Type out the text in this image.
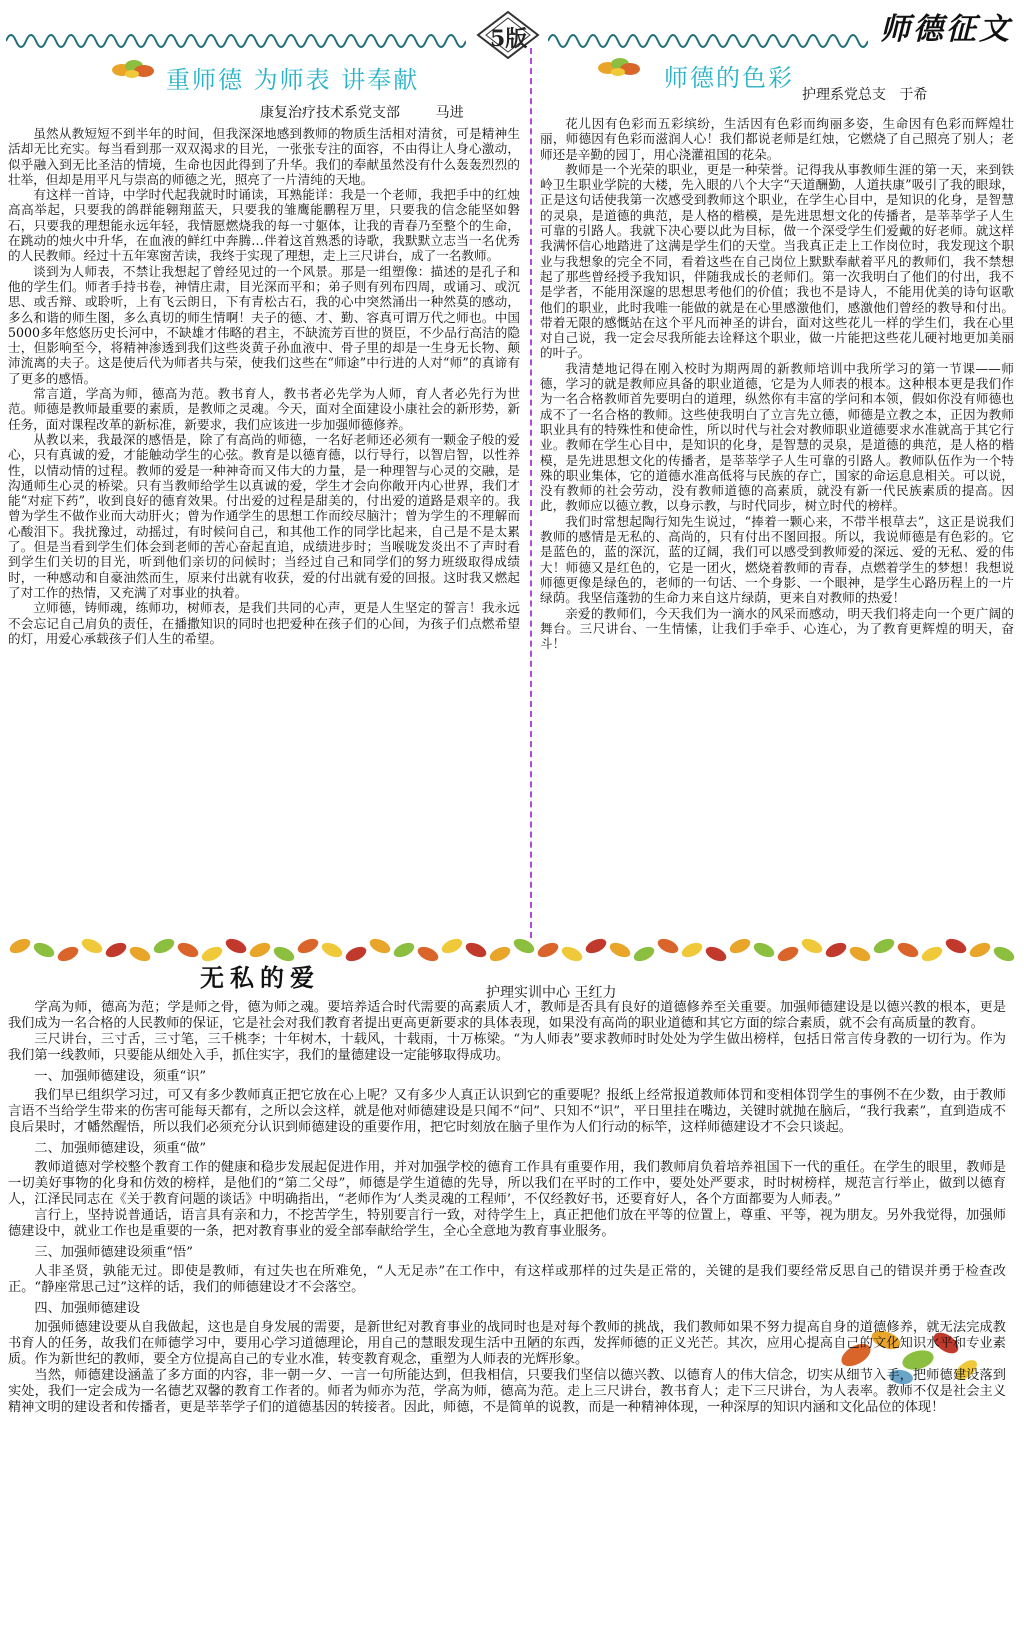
5版	师德征文
重师德 为师表 讲奉献
康复治疗技术系党支部        马进

虽然从教短短不到半年的时间，但我深深地感到教师的物质生活相对清贫，可是精神生活却无比充实。每当看到那一双双渴求的目光，一张张专注的面容，不由得让人身心激动，似乎融入到无比圣洁的情境，生命也因此得到了升华。我们的奉献虽然没有什么轰轰烈烈的壮举，但却是用平凡与崇高的师德之光，照亮了一片清纯的天地。

有这样一首诗，中学时代起我就时时诵读，耳熟能详：我是一个老师，我把手中的红烛高高举起，只要我的鸽群能翱翔蓝天，只要我的雏鹰能鹏程万里，只要我的信念能坚如磐石，只要我的理想能永远年轻，我情愿燃烧我的每一寸躯体，让我的青春乃至整个的生命，在跳动的烛火中升华，在血液的鲜红中奔腾…伴着这首熟悉的诗歌，我默默立志当一名优秀的人民教师。经过十五年寒窗苦读，我终于实现了理想，走上三尺讲台，成了一名教师。

谈到为人师表，不禁让我想起了曾经见过的一个风景。那是一组塑像：描述的是孔子和他的学生们。师者手持书卷，神情庄肃，目光深而平和；弟子则有列布四周，或诵习、或沉思、或舌辩、或聆听，上有飞云朗日，下有青松古石，我的心中突然涌出一种然莫的感动，多么和谐的师生图，多么真切的师生情啊！夫子的德、才、勤、容真可谓万代之师也。中国5000多年悠悠历史长河中，不缺雄才伟略的君主，不缺流芳百世的贤臣，不少品行高洁的隐士，但影响至今，将精神渗透到我们这些炎黄子孙血液中、骨子里的却是一生身无长物、颠沛流离的夫子。这是使后代为师者共与荣，使我们这些在“师途”中行进的人对“师”的真谛有了更多的感悟。

常言道，学高为师，德高为范。教书育人，教书者必先学为人师，育人者必先行为世范。师德是教师最重要的素质，是教师之灵魂。今天，面对全面建设小康社会的新形势，新任务，面对课程改革的新标准，新要求，我们应该进一步加强师德修养。

从教以来，我最深的感悟是，除了有高尚的师德，一名好老师还必须有一颗金子般的爱心，只有真诚的爱，才能触动学生的心弦。教育是以德育德，以行导行，以智启智，以性养性，以情动情的过程。教师的爱是一种神奇而又伟大的力量，是一种理智与心灵的交融，是沟通师生心灵的桥梁。只有当教师给学生以真诚的爱，学生才会向你敞开内心世界，我们才能“对症下药”，收到良好的德育效果。付出爱的过程是甜美的，付出爱的道路是艰辛的。我曾为学生不做作业而大动肝火；曾为作通学生的思想工作而绞尽脑汁；曾为学生的不理解而心酸泪下。我扰豫过，动摇过，有时候问自己，和其他工作的同学比起来，自己是不是太累了。但是当看到学生们体会到老师的苦心奋起直追，成绩进步时；当喉咙发炎出不了声时看到学生们关切的目光，听到他们亲切的问候时；当经过自己和同学们的努力班级取得成绩时，一种感动和自豪油然而生，原来付出就有收获，爱的付出就有爱的回报。这时我又燃起了对工作的热情，又充满了对事业的执着。

立师德，铸师魂，练师功，树师表，是我们共同的心声，更是人生坚定的誓言！我永远不会忘记自己肩负的责任，在播撒知识的同时也把爱种在孩子们的心间，为孩子们点燃希望的灯，用爱心承载孩子们人生的希望。

师德的色彩
护理系党总支   于希

花儿因有色彩而五彩缤纷，生活因有色彩而绚丽多姿，生命因有色彩而辉煌壮丽，师德因有色彩而滋润人心！我们都说老师是红烛，它燃烧了自己照亮了别人；老师还是辛勤的园丁，用心浇灌祖国的花朵。

教师是一个光荣的职业，更是一种荣誉。记得我从事教师生涯的第一天，来到铁岭卫生职业学院的大楼，先入眼的八个大字“天道酬勤，人道扶康”吸引了我的眼球，正是这句话使我第一次感受到教师这个职业，在学生心目中，是知识的化身，是智慧的灵泉，是道德的典范，是人格的楷模，是先进思想文化的传播者，是莘莘学子人生可靠的引路人。我就下决心要以此为目标，做一个深受学生们爱戴的好老师。就这样我满怀信心地踏进了这满是学生们的天堂。当我真正走上工作岗位时，我发现这个职业与我想象的完全不同，看着这些在自己岗位上默默奉献着平凡的教师们，我不禁想起了那些曾经授予我知识，伴随我成长的老师们。第一次我明白了他们的付出，我不是学者，不能用深邃的思想思考他们的价值；我也不是诗人，不能用优美的诗句讴歌他们的职业，此时我唯一能做的就是在心里感激他们，感激他们曾经的教导和付出。带着无限的感慨站在这个平凡而神圣的讲台，面对这些花儿一样的学生们，我在心里对自己说，我一定会尽我所能去诠释这个职业，做一片能把这些花儿硬衬地更加美丽的叶子。

我清楚地记得在刚入校时为期两周的新教师培训中我所学习的第一节课——师德，学习的就是教师应具备的职业道德，它是为人师表的根本。这种根本更是我们作为一名合格教师首先要明白的道理，纵然你有丰富的学问和本领，假如你没有师德也成不了一名合格的教师。这些使我明白了立言先立德，师德是立教之本，正因为教师职业具有的特殊性和使命性，所以时代与社会对教师职业道德要求水准就高于其它行业。教师在学生心目中，是知识的化身，是智慧的灵泉，是道德的典范，是人格的楷模，是先进思想文化的传播者，是莘莘学子人生可靠的引路人。教师队伍作为一个特殊的职业集体，它的道德水准高低将与民族的存亡，国家的命运息息相关。可以说，没有教师的社会劳动，没有教师道德的高素质，就没有新一代民族素质的提高。因此，教师应以德立教，以身示教，与时代同步，树立时代的榜样。

我们时常想起陶行知先生说过，“捧着一颗心来，不带半根草去”，这正是说我们教师的感情是无私的、高尚的，只有付出不图回报。所以，我说师德是有色彩的。它是蓝色的，蓝的深沉，蓝的辽阔，我们可以感受到教师爱的深远、爱的无私、爱的伟大！师德又是红色的，它是一团火，燃烧着教师的青春，点燃着学生的梦想！我想说师德更像是绿色的，老师的一句话、一个身影、一个眼神，是学生心路历程上的一片绿荫。我坚信蓬勃的生命力来自这片绿荫，更来自对教师的热爱！

亲爱的教师们，今天我们为一滴水的风采而感动，明天我们将走向一个更广阔的舞台。三尺讲台、一生情愫，让我们手牵手、心连心，为了教育更辉煌的明天，奋斗！

无私的爱
护理实训中心 王红力

学高为师，德高为范；学是师之骨，德为师之魂。要培养适合时代需要的高素质人才，教师是否具有良好的道德修养至关重要。加强师德建设是以德兴教的根本，更是我们成为一名合格的人民教师的保证，它是社会对我们教育者提出更高更新要求的具体表现，如果没有高尚的职业道德和其它方面的综合素质，就不会有高质量的教育。

三尺讲台，三寸舌，三寸笔，三千桃李；十年树木，十载风，十载雨，十万栋梁。“为人师表”要求教师时时处处为学生做出榜样，包括日常言传身教的一切行为。作为我们第一线教师，只要能从细处入手，抓住实字，我们的量德建设一定能够取得成功。

一、加强师德建设，须重“识”

我们早已组织学习过，可又有多少教师真正把它放在心上呢？又有多少人真正认识到它的重要呢？报纸上经常报道教师体罚和变相体罚学生的事例不在少数，由于教师言语不当给学生带来的伤害可能每天都有，之所以会这样，就是他对师德建设是只闻不“问”、只知不“识”，平日里挂在嘴边，关键时就抛在脑后，“我行我素”，直到造成不良后果时，才幡然醒悟，所以我们必须充分认识到师德建设的重要作用，把它时刻放在脑子里作为人们行动的标竿，这样师德建设才不会只谈起。

二、加强师德建设，须重“做”

教师道德对学校整个教育工作的健康和稳步发展起促进作用，并对加强学校的德育工作具有重要作用，我们教师肩负着培养祖国下一代的重任。在学生的眼里，教师是一切美好事物的化身和仿效的榜样，是他们的“第二父母”，师德是学生道德的先导，所以我们在平时的工作中，要处处严要求，时时树榜样，规范言行举止，做到以德育人，江泽民同志在《关于教育问题的谈话》中明确指出，“老师作为‘人类灵魂的工程师’，不仅经教好书，还要育好人，各个方面都要为人师表。”

言行上，坚持说普通话，语言具有亲和力，不挖苦学生，特别要言行一致，对待学生上，真正把他们放在平等的位置上，尊重、平等，视为朋友。另外我觉得，加强师德建设中，就业工作也是重要的一条，把对教育事业的爱全部奉献给学生，全心全意地为教育事业服务。

三、加强师德建设须重“悟”

人非圣贤，孰能无过。即使是教师，有过失也在所难免，“人无足赤”在工作中，有这样或那样的过失是正常的，关键的是我们要经常反思自己的错误并勇于检查改正。“静座常思己过”这样的话，我们的师德建设才不会落空。

四、加强师德建设

加强师德建设要从自我做起，这也是自身发展的需要，是新世纪对教育事业的战同时也是对每个教师的挑战，我们教师如果不努力提高自身的道德修养，就无法完成教书育人的任务，故我们在师德学习中，要用心学习道德理论，用自己的慧眼发现生活中丑陋的东西，发挥师德的正义光芒。其次，应用心提高自己的文化知识水平和专业素质。作为新世纪的教师，要全方位提高自己的专业水准，转变教育观念，重塑为人师表的光辉形象。

当然，师德建设涵盖了多方面的内容，非一朝一夕、一言一句所能达到，但我相信，只要我们坚信以德兴教、以德育人的伟大信念，切实从细节入手，把师德建设落到实处，我们一定会成为一名德艺双馨的教育工作者的。师者为师亦为范，学高为师，德高为范。走上三尺讲台，教书育人；走下三尺讲台，为人表率。教师不仅是社会主义精神文明的建设者和传播者，更是莘莘学子们的道德基因的转接者。因此，师德，不是简单的说教，而是一种精神体现，一种深厚的知识内涵和文化品位的体现！
